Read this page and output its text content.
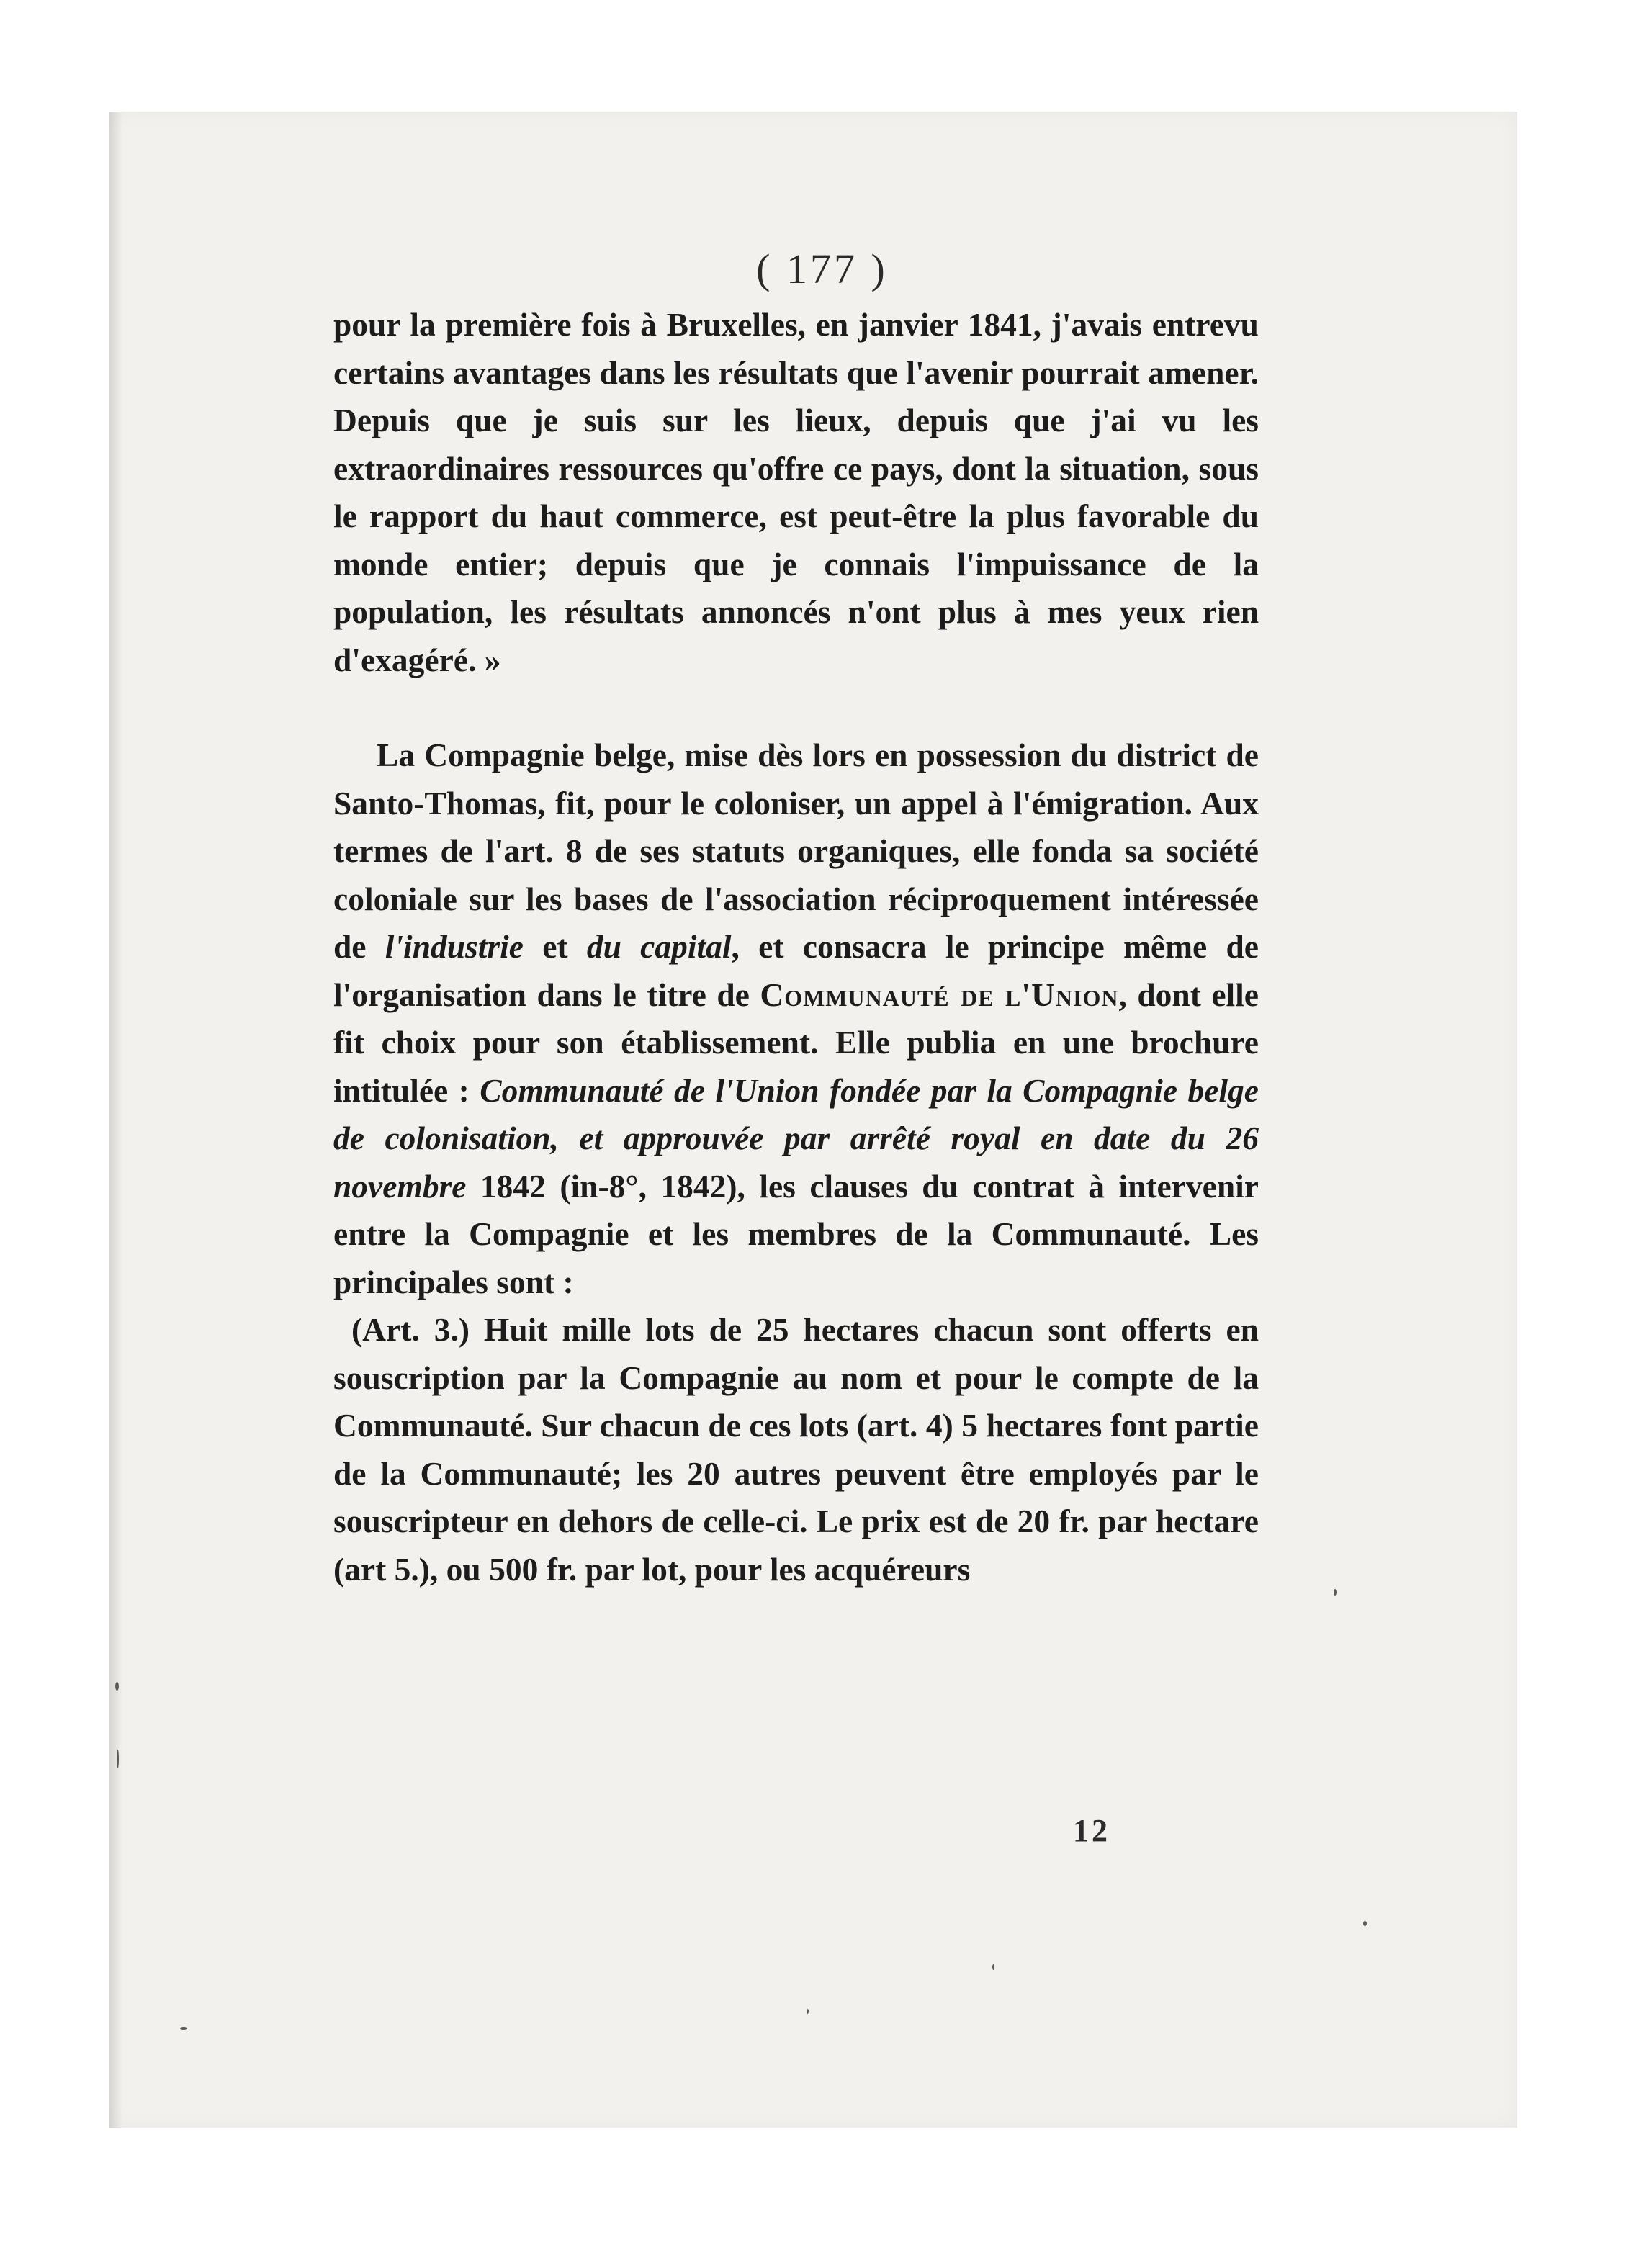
( 177 )

pour la première fois à Bruxelles, en janvier 1841, j'avais entrevu certains avantages dans les résultats que l'avenir pourrait amener. Depuis que je suis sur les lieux, depuis que j'ai vu les extraordinaires ressources qu'offre ce pays, dont la situation, sous le rapport du haut commerce, est peut-être la plus favorable du monde entier; depuis que je connais l'impuissance de la population, les résultats annoncés n'ont plus à mes yeux rien d'exagéré. »

La Compagnie belge, mise dès lors en possession du district de Santo-Thomas, fit, pour le coloniser, un appel à l'émigration. Aux termes de l'art. 8 de ses statuts organiques, elle fonda sa société coloniale sur les bases de l'association réciproquement intéressée de l'industrie et du capital, et consacra le principe même de l'organisation dans le titre de Communauté de l'Union, dont elle fit choix pour son établissement. Elle publia en une brochure intitulée : Communauté de l'Union fondée par la Compagnie belge de colonisation, et approuvée par arrêté royal en date du 26 novembre 1842 (in-8°, 1842), les clauses du contrat à intervenir entre la Compagnie et les membres de la Communauté. Les principales sont :

(Art. 3.) Huit mille lots de 25 hectares chacun sont offerts en souscription par la Compagnie au nom et pour le compte de la Communauté. Sur chacun de ces lots (art. 4) 5 hectares font partie de la Communauté; les 20 autres peuvent être employés par le souscripteur en dehors de celle-ci. Le prix est de 20 fr. par hectare (art 5.), ou 500 fr. par lot, pour les acquéreurs

12
